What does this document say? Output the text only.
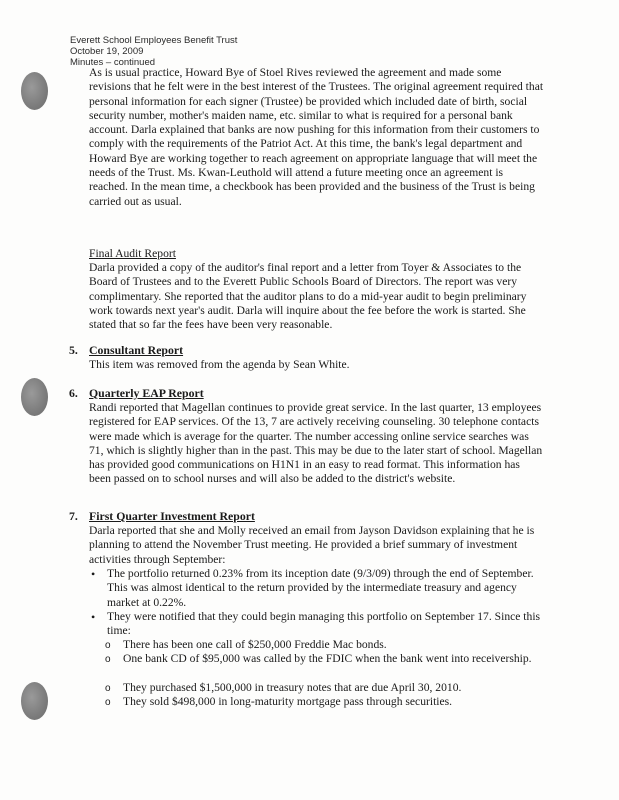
Everett School Employees Benefit Trust
October 19, 2009
Minutes – continued

As is usual practice, Howard Bye of Stoel Rives reviewed the agreement and made some revisions that he felt were in the best interest of the Trustees. The original agreement required that personal information for each signer (Trustee) be provided which included date of birth, social security number, mother's maiden name, etc. similar to what is required for a personal bank account. Darla explained that banks are now pushing for this information from their customers to comply with the requirements of the Patriot Act. At this time, the bank's legal department and Howard Bye are working together to reach agreement on appropriate language that will meet the needs of the Trust. Ms. Kwan-Leuthold will attend a future meeting once an agreement is reached. In the mean time, a checkbook has been provided and the business of the Trust is being carried out as usual.

Final Audit Report

Darla provided a copy of the auditor's final report and a letter from Toyer & Associates to the Board of Trustees and to the Everett Public Schools Board of Directors. The report was very complimentary. She reported that the auditor plans to do a mid-year audit to begin preliminary work towards next year's audit. Darla will inquire about the fee before the work is started. She stated that so far the fees have been very reasonable.

5. Consultant Report

This item was removed from the agenda by Sean White.

6. Quarterly EAP Report

Randi reported that Magellan continues to provide great service. In the last quarter, 13 employees registered for EAP services. Of the 13, 7 are actively receiving counseling. 30 telephone contacts were made which is average for the quarter. The number accessing online service searches was 71, which is slightly higher than in the past. This may be due to the later start of school. Magellan has provided good communications on H1N1 in an easy to read format. This information has been passed on to school nurses and will also be added to the district's website.

7. First Quarter Investment Report

Darla reported that she and Molly received an email from Jayson Davidson explaining that he is planning to attend the November Trust meeting. He provided a brief summary of investment activities through September:

• The portfolio returned 0.23% from its inception date (9/3/09) through the end of September. This was almost identical to the return provided by the intermediate treasury and agency market at 0.22%.

• They were notified that they could begin managing this portfolio on September 17. Since this time:

o There has been one call of $250,000 Freddie Mac bonds.

o One bank CD of $95,000 was called by the FDIC when the bank went into receivership.

o They purchased $1,500,000 in treasury notes that are due April 30, 2010.

o They sold $498,000 in long-maturity mortgage pass through securities.
